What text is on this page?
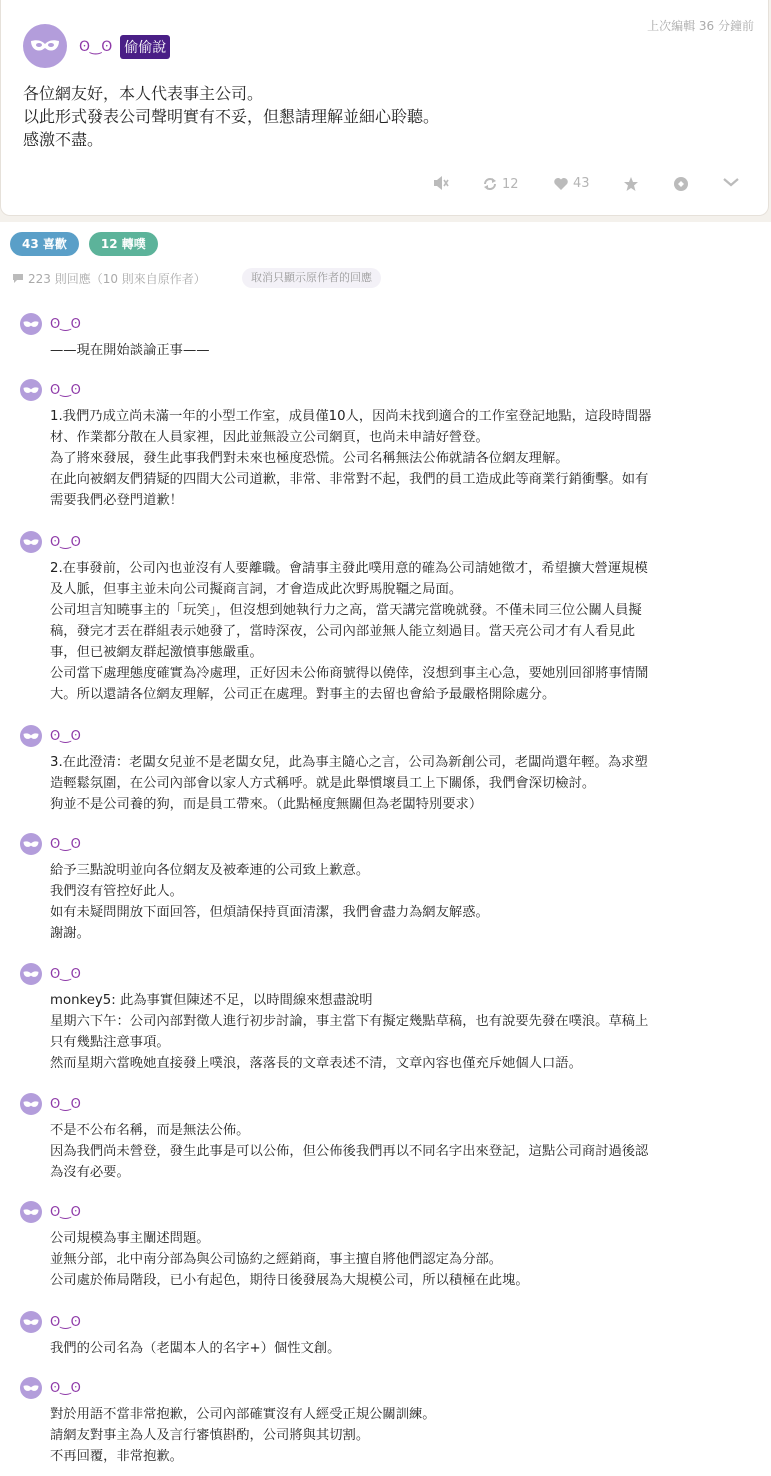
ʘ‿ʘ 偷偷說
上次編輯 36 分鐘前
各位網友好，本人代表事主公司。
以此形式發表公司聲明實有不妥，但懇請理解並細心聆聽。
感激不盡。
12	43
43 喜歡	12 轉噗
223 則回應（10 則來自原作者）	取消只顯示原作者的回應
ʘ‿ʘ
——現在開始談論正事——
ʘ‿ʘ
1.我們乃成立尚未滿一年的小型工作室，成員僅10人，因尚未找到適合的工作室登記地點，這段時間器
材、作業都分散在人員家裡，因此並無設立公司網頁，也尚未申請好營登。
為了將來發展，發生此事我們對未來也極度恐慌。公司名稱無法公佈就請各位網友理解。
在此向被網友們猜疑的四間大公司道歉，非常、非常對不起，我們的員工造成此等商業行銷衝擊。如有
需要我們必登門道歉！
ʘ‿ʘ
2.在事發前，公司內也並沒有人要離職。會請事主發此噗用意的確為公司請她徵才，希望擴大營運規模
及人脈，但事主並未向公司擬商言詞，才會造成此次野馬脫韁之局面。
公司坦言知曉事主的「玩笑」，但沒想到她執行力之高，當天講完當晚就發。不僅未同三位公關人員擬
稿，發完才丟在群組表示她發了，當時深夜，公司內部並無人能立刻過目。當天亮公司才有人看見此
事，但已被網友群起激憤事態嚴重。
公司當下處理態度確實為冷處理，正好因未公佈商號得以僥倖，沒想到事主心急，要她別回卻將事情鬧
大。所以還請各位網友理解，公司正在處理。對事主的去留也會給予最嚴格開除處分。
ʘ‿ʘ
3.在此澄清：老闆女兒並不是老闆女兒，此為事主隨心之言，公司為新創公司，老闆尚還年輕。為求塑
造輕鬆氛圍，在公司內部會以家人方式稱呼。就是此舉慣壞員工上下關係，我們會深切檢討。
狗並不是公司養的狗，而是員工帶來。（此點極度無關但為老闆特別要求）
ʘ‿ʘ
給予三點說明並向各位網友及被牽連的公司致上歉意。
我們沒有管控好此人。
如有未疑問開放下面回答，但煩請保持頁面清潔，我們會盡力為網友解惑。
謝謝。
ʘ‿ʘ
monkey5: 此為事實但陳述不足，以時間線來想盡說明
星期六下午：公司內部對徵人進行初步討論，事主當下有擬定幾點草稿，也有說要先發在噗浪。草稿上
只有幾點注意事項。
然而星期六當晚她直接發上噗浪，落落長的文章表述不清，文章內容也僅充斥她個人口語。
ʘ‿ʘ
不是不公布名稱，而是無法公佈。
因為我們尚未營登，發生此事是可以公佈，但公佈後我們再以不同名字出來登記，這點公司商討過後認
為沒有必要。
ʘ‿ʘ
公司規模為事主闡述問題。
並無分部，北中南分部為與公司協約之經銷商，事主擅自將他們認定為分部。
公司處於佈局階段，已小有起色，期待日後發展為大規模公司，所以積極在此塊。
ʘ‿ʘ
我們的公司名為（老闆本人的名字+）個性文創。
ʘ‿ʘ
對於用語不當非常抱歉，公司內部確實沒有人經受正規公關訓練。
請網友對事主為人及言行審慎斟酌，公司將與其切割。
不再回覆，非常抱歉。
